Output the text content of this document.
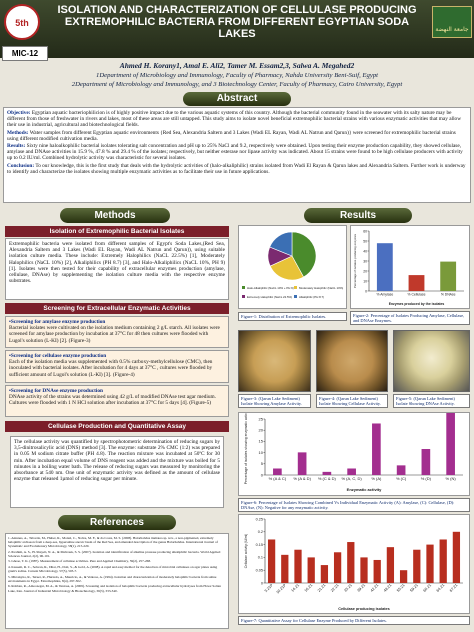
5th
ISOLATION AND CHARACTERIZATION OF CELLULASE PRODUCING EXTREMOPHILIC BACTERIA FROM DIFFERENT EGYPTIAN SODA LAKES	جامعة النهضة
MIC-12
Ahmed H. Korany1, Amal E. Ali2, Tamer M. Essam2,3, Salwa A. Megahed2
1Department of Microbiology and Immunology, Faculty of Pharmacy, Nahda University Beni-Suif, Egypt
2Department of Microbiology and Immunology, and 3 Biotechnology Center, Faculty of Pharmacy, Cairo University, Egypt
Abstract
Objective: Egyptian aquatic bacteriophilicion is of highly positive impact due to the various aquatic systems of this country. Although the bacterial community found in the seawater with its salty nature may be different from those of freshwater in rivers and lakes, most of these areas are still untapped. This study aims to isolate novel beneficial extremophilic bacterial strains with various enzymatic activities that may allow their use in industrial, agricultural and biotechnological fields.
Methods: Water samples from different Egyptian aquatic environments {Red Sea, Alexandria Saltern and 3 Lakes (Wadi EL Rayan, Wadi AL Natrun and Qarun)} were screened for extremophilic bacterial strains using different modified cultivation media.
Results: Sixty nine haloalkophilic bacterial isolates tolerating salt concentration and pH up to 25% NaCl and 9.2, respectively were obtained. Upon testing their enzyme production capability, they showed cellulase, amylase and DNAse activities in 15.9 %, 47.8 % and 29.4 % of the isolates; respectively, but neither esterase nor lipase activity was indicated. About 15 strains were found to be high cellulase producers with activity up to 0.2 IU/ml. Combined hydrolytic activity was characteristic for several isolates.
Conclusion: To our knowledge, this is the first study that deals with the hydrolytic activities of (halo-alkaliphilic) strains isolated from Wadi El Rayan & Qarun lakes and Alexandria Saltern. Further work is underway to identify and characterize the isolates showing multiple enzymatic activities as to facilitate their use in future applications.
Methods
Isolation of Extremophilic Bacterial Isolates
Extremophilic bacteria were isolated from different samples of Egypt's Soda Lakes,(Red Sea, Alexandria Saltern and 3 Lakes (Wadi EL Rayan, Wadi AL Natrun and Qarun)), using suitable isolation culture media. These include: Extremely Halophilics (NaCL 22.5%) [1], Moderately Halophilics (NaCL 10%) [2], Alkaliphilics (PH 8.7) [3], and Halo-Alkaliphilics (NaCL 10%, PH 9) [1]. Isolates were then tested for their capability of extracellular enzymes production (amylase, cellulase, DNAse) by supplementing the isolation culture media with the respective enzyme substrates.
Screening for Extracellular Enzymatic Activities
•Screening for amylase enzyme production
Bacterial isolates were cultivated on the isolation medium containing 2 g/L starch. All isolates were screened for amylase production by incubation at 37°C for 48 then cultures were flooded with Lugol's solution (L-KI) [2]. (Figure-3)
•Screening for cellulase enzyme production
Each of the isolation media was supplemented with 0.5% carboxy-methylcellulose (CMC), then inoculated with bacterial isolates. After incubation for 4 days at 37°C , cultures were flooded by sufficient amount of Lugol's solution (L-KI) [3]. (Figure-4)
•Screening for DNAse enzyme production
DNAse activity of the strains was determined using 42 g/L of modified DNAse test agar medium. Cultures were flooded with 1 N HCl solution after incubation at 37°C for 5 days [4]. (Figure-5)
Cellulase Production and Quantitative Assay
The cellulase activity was quantified by spectrophotometric determination of reducing sugars by 3,5-dinitrosalicylic acid (DNS) method [3]. The enzyme: substrate 2% CMC (1:2) was prepared in 0.05 M sodium citrate buffer (PH 4.8). The reaction mixture was incubated at 50ºC for 30 min. After incubation equal volume of DNS reagent was added and the mixture was boiled for 5 minutes in a boiling water bath. The release of reducing sugars was measured by monitoring the absorbance at 540 nm. One unit of enzymatic activity was defined as the amount of cellulase enzyme that released 1µmol of reducing sugar per minute.
References
1. Antunes, A., Taborda, M., Huber, R., Moissl, C., Nobre, M. F., & da Costa, M. S. (2008). Halorhabdus tiamatea sp. nov., a non-pigmented, extremely halophilic archaeon from a deep-sea, hypersaline anoxic basin of the Red Sea, and emended description of the genus Halorhabdus. International Journal of Systematic and Evolutionary Microbiology, 58(1), 215-220.
2. Ibrahim, A. S., El-Shayeb, N. A., & Mabrouk, S. S. (2007). Isolation and identification of alkaline protease producing alkaliphilic bacteria. World Applied Sciences Journal, 2(2), 96-101.
3. Ghose, T. K. (1987). Measurement of cellulase activities. Pure and Applied Chemistry, 59(2), 257-268.
4. Kassem, R. C., Selwan, R., Dhar, H., Dolt, S., & Gold, A. (2008). A rapid and easy method for the detection of microbial cellulases on agar plates using gram's iodine. Current Microbiology, 57(5), 503-7.
5. Mirrekyna, R., Teruer, R., Hurtado, A., Mauricio, A., & Ventosa, A. (1994). Isolation and characterization of moderately halophilic bacteria from saline environments in Egypt. Extremophiles, 8(4), 297-302.
6. Rohban, R., Amoozegar, M. A., & Ventosa, A. (2009). Screening and isolation of halophilic bacteria producing extracellular hydrolyses from Howz Soltan Lake, Iran. Journal of Industrial Microbiology & Biotechnology, 36(3), 333-340.
Results
Halo-Alkaliphilic (NaCL 10% + PH 9) Moderately Halophilic (NaCL 10%)
Extremely Halophilic (NaCL 22.5%) Alkaliphilic (PH 8.7)
Figure-1: Distribution of Extremophilic Isolates.
0
10
20
30
40
50
60
% Amylase	% Cellulase	% DNAse
Enzymes produced by the isolates
Percentage of isolates producing enzymes
Figure-2: Percentage of Isolates Producing Amylase, Cellulase, and DNAse Enzymes.
Figure-3: (Qarun Lake Sediment) Isolate Showing Amylase Activity.
Figure-4: (Qarun Lake Sediment) Isolate Showing Cellulase Activity.
Figure-5: (Qarun Lake Sediment) Isolate Showing DNAse Activity.
0
5
10
15
20
25
% (A & C) % (A & D) % (C & D) % (A, C, D) % (A)	% (C)	% (D)	% (N)
Enzymatic activity
Percentage of isolates showing enzymatic activity
Figure-6: Percentage of Isolates Showing Combined Vs Individual Enzymatic Activity (A): Amylase, (C): Cellulase, (D): DNAse, (N): Negative for any enzymatic activity.
0
0.05
0.1
0.15
0.2
0.25
3.21P 10.21P 14.21 16.21 21.21 22.21 33.21 39.21 42.21 48.21 55.21 59.21 60.21 64.21 67.21
Cellulase producing isolates
Cellulase activity (IU/ml)
Figure-7: Quantitative Assay for Cellulase Enzyme Produced by Different Isolates.
